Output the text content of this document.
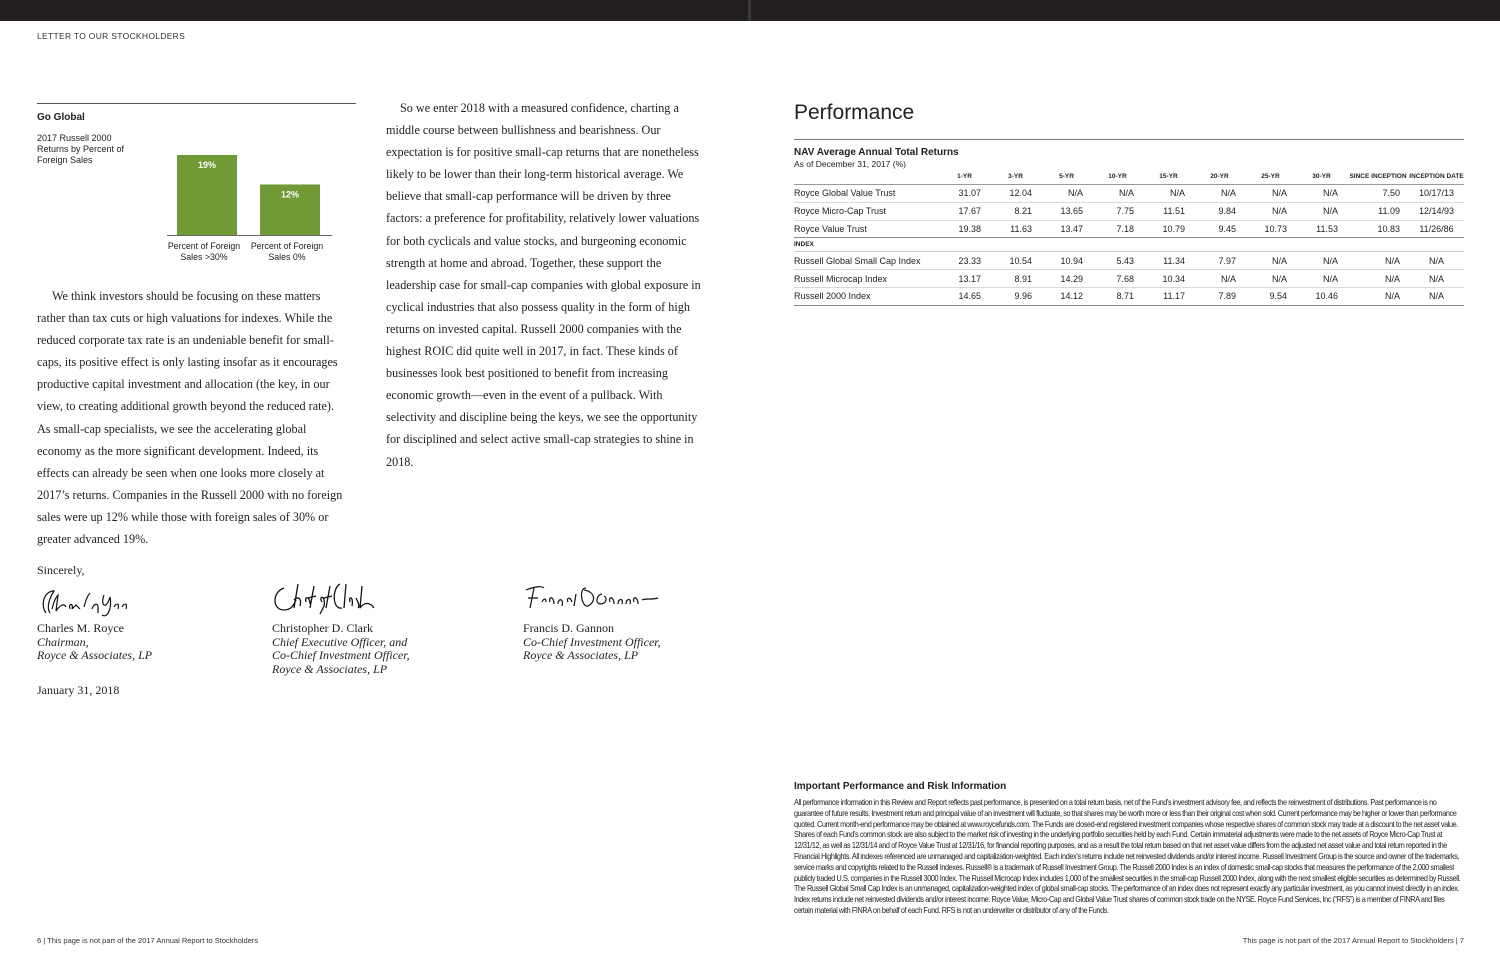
LETTER TO OUR STOCKHOLDERS
Go Global
2017 Russell 2000 Returns by Percent of Foreign Sales	19%
Percent of Foreign
Sales >30%
12%
Percent of Foreign
Sales 0%
We think investors should be focusing on these matters rather than tax cuts or high valuations for indexes. While the reduced corporate tax rate is an undeniable benefit for small-caps, its positive effect is only lasting insofar as it encourages productive capital investment and allocation (the key, in our view, to creating additional growth beyond the reduced rate). As small-cap specialists, we see the accelerating global economy as the more significant development. Indeed, its effects can already be seen when one looks more closely at 2017’s returns. Companies in the Russell 2000 with no foreign sales were up 12% while those with foreign sales of 30% or greater advanced 19%.
So we enter 2018 with a measured confidence, charting a middle course between bullishness and bearishness. Our expectation is for positive small-cap returns that are nonetheless likely to be lower than their long-term historical average. We believe that small-cap performance will be driven by three factors: a preference for profitability, relatively lower valuations for both cyclicals and value stocks, and burgeoning economic strength at home and abroad. Together, these support the leadership case for small-cap companies with global exposure in cyclical industries that also possess quality in the form of high returns on invested capital. Russell 2000 companies with the highest ROIC did quite well in 2017, in fact. These kinds of businesses look best positioned to benefit from increasing economic growth—even in the event of a pullback. With selectivity and discipline being the keys, we see the opportunity for disciplined and select active small-cap strategies to shine in 2018.
Sincerely,
Charles M. Royce
Chairman,
Royce & Associates, LP
Christopher D. Clark
Chief Executive Officer, and
Co-Chief Investment Officer,
Royce & Associates, LP
Francis D. Gannon
Co-Chief Investment Officer,
Royce & Associates, LP
January 31, 2018
Performance
NAV Average Annual Total Returns
As of December 31, 2017 (%)
	1-YR	3-YR	5-YR	10-YR	15-YR	20-YR	25-YR	30-YR	SINCE INCEPTION	INCEPTION DATE
Royce Global Value Trust	31.07	12.04	N/A	N/A	N/A	N/A	N/A	N/A	7.50	10/17/13
Royce Micro-Cap Trust	17.67	8.21	13.65	7.75	11.51	9.84	N/A	N/A	11.09	12/14/93
Royce Value Trust	19.38	11.63	13.47	7.18	10.79	9.45	10.73	11.53	10.83	11/26/86
INDEX										
Russell Global Small Cap Index	23.33	10.54	10.94	5.43	11.34	7.97	N/A	N/A	N/A	N/A
Russell Microcap Index	13.17	8.91	14.29	7.68	10.34	N/A	N/A	N/A	N/A	N/A
Russell 2000 Index	14.65	9.96	14.12	8.71	11.17	7.89	9.54	10.46	N/A	N/A
Important Performance and Risk Information
All performance information in this Review and Report reflects past performance, is presented on a total return basis, net of the Fund’s investment advisory fee, and reflects the reinvestment of distributions. Past performance is no guarantee of future results. Investment return and principal value of an investment will fluctuate, so that shares may be worth more or less than their original cost when sold. Current performance may be higher or lower than performance quoted. Current month-end performance may be obtained at www.roycefunds.com. The Funds are closed-end registered investment companies whose respective shares of common stock may trade at a discount to the net asset value. Shares of each Fund’s common stock are also subject to the market risk of investing in the underlying portfolio securities held by each Fund. Certain immaterial adjustments were made to the net assets of Royce Micro-Cap Trust at 12/31/12, as well as 12/31/14 and of Royce Value Trust at 12/31/16, for financial reporting purposes, and as a result the total return based on that net asset value differs from the adjusted net asset value and total return reported in the Financial Highlights. All indexes referenced are unmanaged and capitalization-weighted. Each index’s returns include net reinvested dividends and/or interest income. Russell Investment Group is the source and owner of the trademarks, service marks and copyrights related to the Russell Indexes. Russell® is a trademark of Russell Investment Group. The Russell 2000 Index is an index of domestic small-cap stocks that measures the performance of the 2,000 smallest publicly traded U.S. companies in the Russell 3000 Index. The Russell Microcap Index includes 1,000 of the smallest securities in the small-cap Russell 2000 Index, along with the next smallest eligible securities as determined by Russell. The Russell Global Small Cap Index is an unmanaged, capitalization-weighted index of global small-cap stocks. The performance of an index does not represent exactly any particular investment, as you cannot invest directly in an index. Index returns include net reinvested dividends and/or interest income. Royce Value, Micro-Cap and Global Value Trust shares of common stock trade on the NYSE. Royce Fund Services, Inc (“RFS”) is a member of FINRA and files certain material with FINRA on behalf of each Fund. RFS is not an underwriter or distributor of any of the Funds.
6 | This page is not part of the 2017 Annual Report to Stockholders	This page is not part of the 2017 Annual Report to Stockholders | 7
